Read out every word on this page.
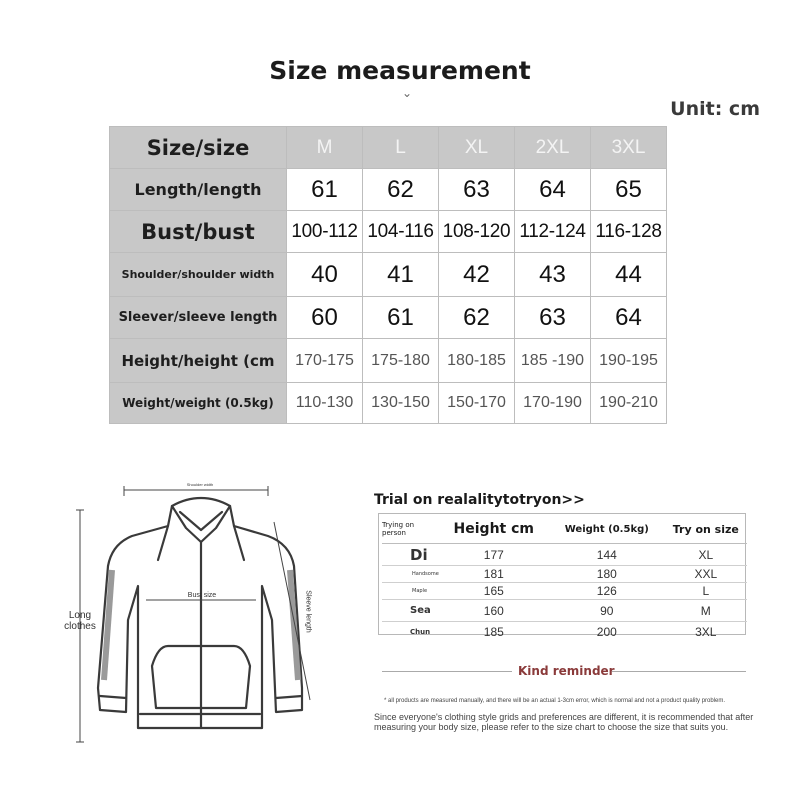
Size measurement
⌄
Unit: cm
Size/size	M	L	XL	2XL	3XL
Length/length	61	62	63	64	65
Bust/bust	100-112	104-116	108-120	112-124	116-128
Shoulder/shoulder width	40	41	42	43	44
Sleever/sleeve length	60	61	62	63	64
Height/height (cm	170-175	175-180	180-185	185 -190	190-195
Weight/weight (0.5kg)	110-130	130-150	150-170	170-190	190-210
Shoulder width
Bust size	Sleeve length
Long clothes
Trial on realalitytotryon>>
Trying on person	Height cm	Weight (0.5kg)	Try on size
Di	177	144	XL
Handsome	181	180	XXL
Maple	165	126	L
Sea	160	90	M
Chun	185	200	3XL
Kind reminder
* all products are measured manually, and there will be an actual 1-3cm error, which is normal and not a product quality problem.
Since everyone's clothing style grids and preferences are different, it is recommended that after measuring your body size, please refer to the size chart to choose the size that suits you.
